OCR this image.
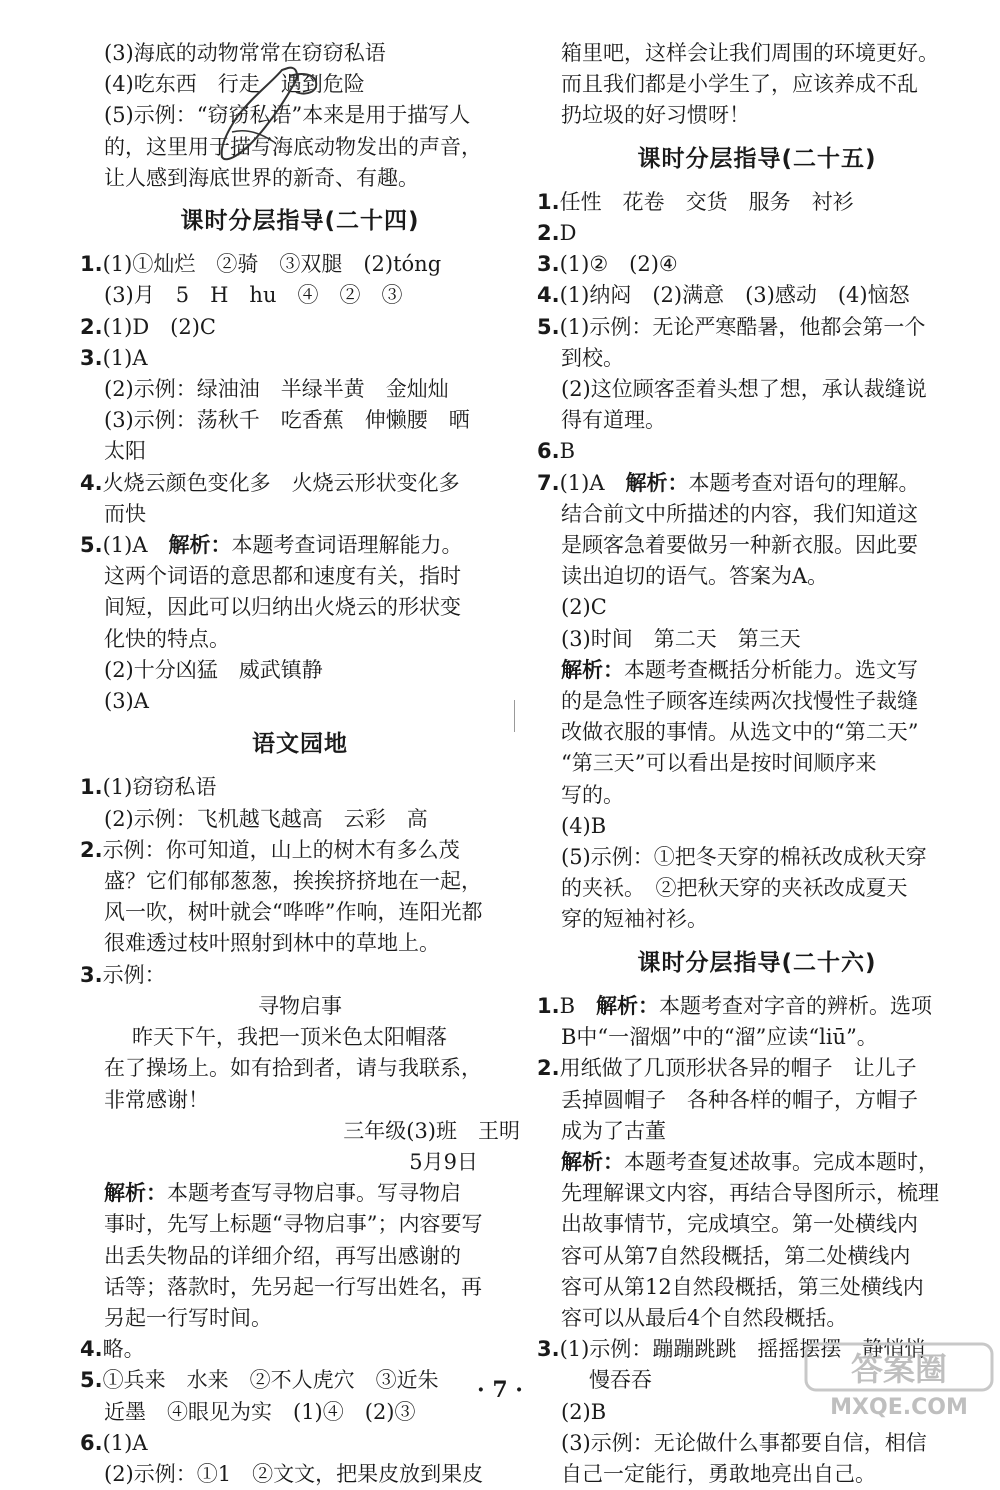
(3)海底的动物常常在窃窃私语
(4)吃东西　行走　遇到危险
(5)示例：“窃窃私语”本来是用于描写人
的，这里用于描写海底动物发出的声音，
让人感到海底世界的新奇、有趣。
课时分层指导(二十四)
1.(1)①灿烂　②骑　③双腿　(2)tóng
(3)月　5　H　hu　④　②　③
2.(1)D　(2)C
3.(1)A
(2)示例：绿油油　半绿半黄　金灿灿
(3)示例：荡秋千　吃香蕉　伸懒腰　晒
太阳
4.火烧云颜色变化多　火烧云形状变化多
而快
5.(1)A　解析：本题考查词语理解能力。
这两个词语的意思都和速度有关，指时
间短，因此可以归纳出火烧云的形状变
化快的特点。
(2)十分凶猛　威武镇静
(3)A
语文园地
1.(1)窃窃私语
(2)示例：飞机越飞越高　云彩　高
2.示例：你可知道，山上的树木有多么茂
盛？它们郁郁葱葱，挨挨挤挤地在一起，
风一吹，树叶就会“哗哗”作响，连阳光都
很难透过枝叶照射到林中的草地上。
3.示例：
寻物启事
昨天下午，我把一顶米色太阳帽落
在了操场上。如有拾到者，请与我联系，
非常感谢！
三年级(3)班　王明
5月9日　　
解析：本题考查写寻物启事。写寻物启
事时，先写上标题“寻物启事”；内容要写
出丢失物品的详细介绍，再写出感谢的
话等；落款时，先另起一行写出姓名，再
另起一行写时间。
4.略。
5.①兵来　水来　②不人虎穴　③近朱
近墨　④眼见为实　(1)④　(2)③
6.(1)A
(2)示例：①1　②文文，把果皮放到果皮
箱里吧，这样会让我们周围的环境更好。
而且我们都是小学生了，应该养成不乱
扔垃圾的好习惯呀！
课时分层指导(二十五)
1.任性　花卷　交货　服务　衬衫
2.D
3.(1)②　(2)④
4.(1)纳闷　(2)满意　(3)感动　(4)恼怒
5.(1)示例：无论严寒酷暑，他都会第一个
到校。
(2)这位顾客歪着头想了想，承认裁缝说
得有道理。
6.B
7.(1)A　解析：本题考查对语句的理解。
结合前文中所描述的内容，我们知道这
是顾客急着要做另一种新衣服。因此要
读出迫切的语气。答案为A。
(2)C
(3)时间　第二天　第三天
解析：本题考查概括分析能力。选文写
的是急性子顾客连续两次找慢性子裁缝
改做衣服的事情。从选文中的“第二天”
“第三天”可以看出是按时间顺序来
写的。
(4)B
(5)示例：①把冬天穿的棉袄改成秋天穿
的夹袄。　②把秋天穿的夹袄改成夏天
穿的短袖衬衫。
课时分层指导(二十六)
1.B　解析：本题考查对字音的辨析。选项
B中“一溜烟”中的“溜”应读“liū”。
2.用纸做了几顶形状各异的帽子　让儿子
丢掉圆帽子　各种各样的帽子，方帽子
成为了古董
解析：本题考查复述故事。完成本题时，
先理解课文内容，再结合导图所示，梳理
出故事情节，完成填空。第一处横线内
容可从第7自然段概括，第二处横线内
容可从第12自然段概括，第三处横线内
容可以从最后4个自然段概括。
3.(1)示例：蹦蹦跳跳　摇摇摆摆　静悄悄
慢吞吞
(2)B
(3)示例：无论做什么事都要自信，相信
自己一定能行，勇敢地亮出自己。
答案圈
MXQE.COM
· 7 ·
